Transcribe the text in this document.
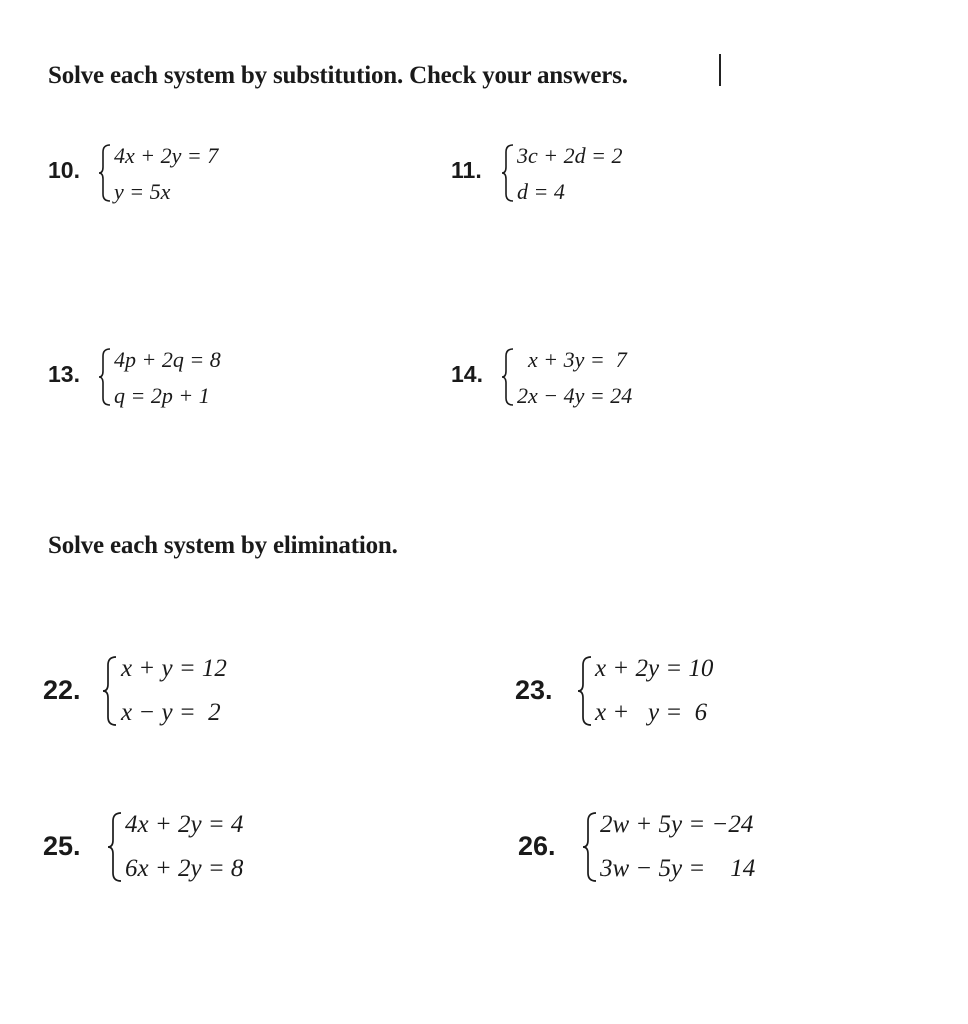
Solve each system by substitution. Check your answers.
10.
4x + 2y = 7
y = 5x
11.
3c + 2d = 2
d = 4
13.
4p + 2q = 8
q = 2p + 1
14.
x + 3y =  7
2x − 4y = 24
Solve each system by elimination.
22.
x + y = 12
x − y =  2
23.
x + 2y = 10
x +   y =  6
25.
4x + 2y = 4
6x + 2y = 8
26.
2w + 5y = −24
3w − 5y =    14
